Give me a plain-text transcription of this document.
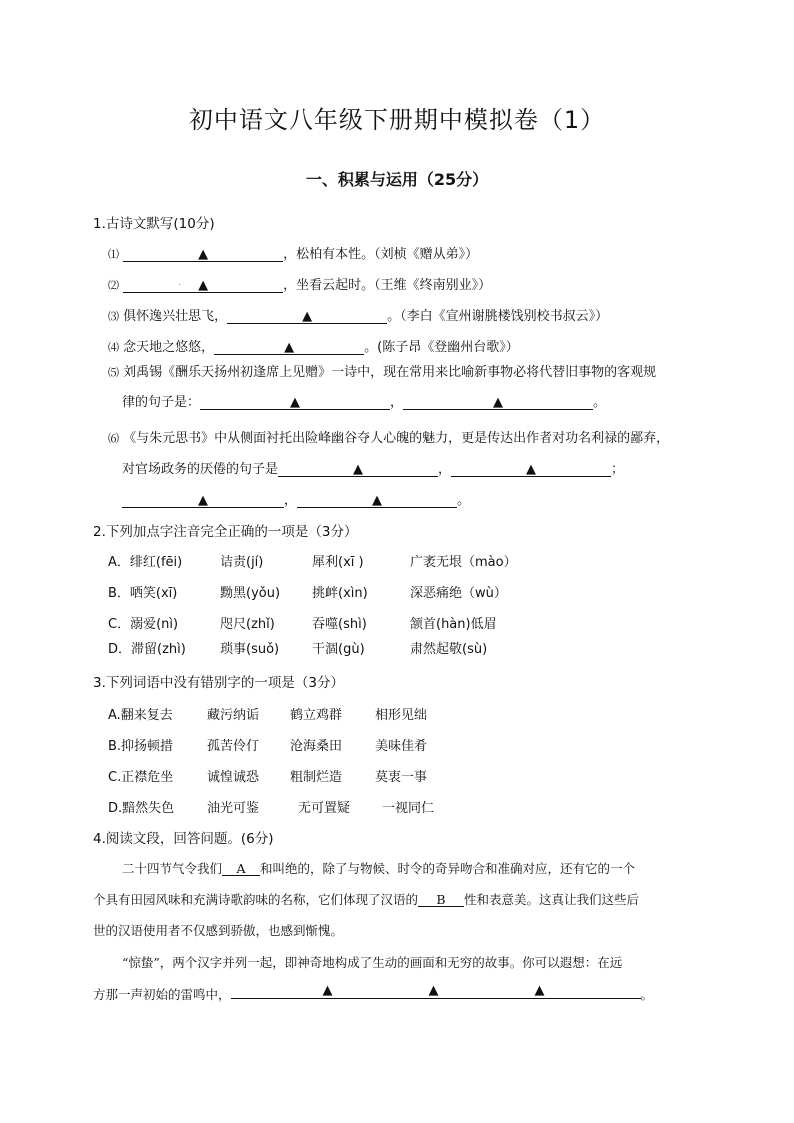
初中语文八年级下册期中模拟卷（1）
一、积累与运用（25分）
1.古诗文默写(10分)
⑴	▲	，松柏有本性。（刘桢《赠从弟》）
⑵	▲	，坐看云起时。（王维《终南别业》）
·
⑶ 俱怀逸兴壮思飞，	▲	。（李白《宣州谢朓楼饯别校书叔云》）
⑷ 念天地之悠悠，	▲	。(陈子昂《登幽州台歌》）
⑸ 刘禹锡《酬乐天扬州初逢席上见赠》一诗中，现在常用来比喻新事物必将代替旧事物的客观规
律的句子是：	▲	，	▲	。
⑹ 《与朱元思书》中从侧面衬托出险峰幽谷夺人心魄的魅力，更是传达出作者对功名利禄的鄙弃，
对官场政务的厌倦的句子是	▲	，	▲	；
▲	，	▲	。
2.下列加点字注音完全正确的一项是（3分）
A．绯红(fēi)	诘责(jí)	犀利(xī )	广袤无垠（mào）
B．哂笑(xī)	黝黑(yǒu) 挑衅(xìn)	深恶痛绝（wù）
C．溺爱(nì)	咫尺(zhǐ)	吞噬(shì)	颔首(hàn)低眉
D．滞留(zhì)	琐事(suǒ)	干涸(gù)	肃然起敬(sù)
3.下列词语中没有错别字的一项是（3分）
A.翻来复去	藏污纳诟 鹤立鸡群	相形见绌
B.抑扬顿措	孤苦伶仃 沧海桑田	美味佳肴
C.正襟危坐	诚惶诚恐 粗制烂造	莫衷一事
D.黯然失色	油光可鉴	无可置疑 一视同仁
4.阅读文段，回答问题。(6分)
二十四节气令我们 A 和叫绝的，除了与物候、时令的奇异吻合和准确对应，还有它的一个
个具有田园风味和充满诗歌韵味的名称，它们体现了汉语的 B 性和表意美。这真让我们这些后
世的汉语使用者不仅感到骄傲，也感到惭愧。
“惊蛰”，两个汉字并列一起，即神奇地构成了生动的画面和无穷的故事。你可以遐想：在远
方那一声初始的雷鸣中，	▲	▲	▲	。
